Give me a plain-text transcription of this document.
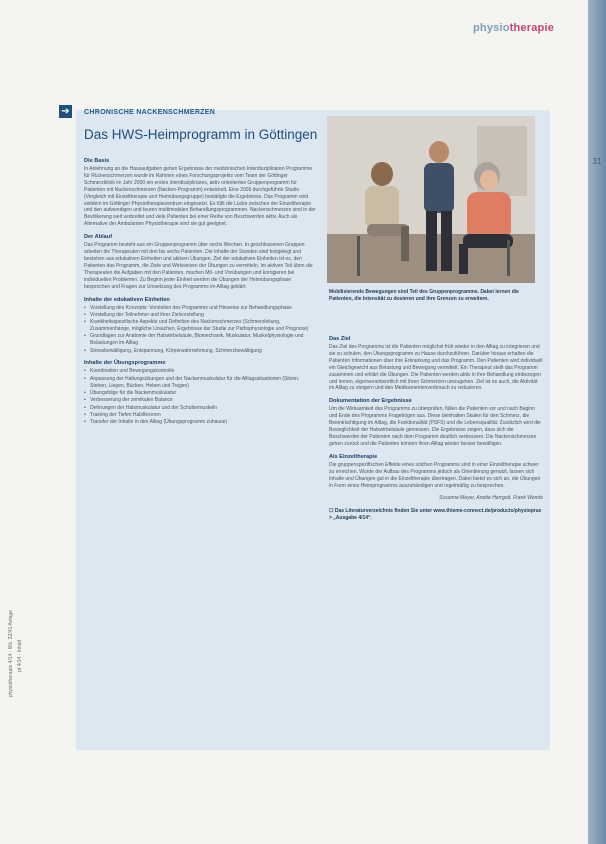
physiotherapie
31
physiotherapie 4/14 · Wk. 32/41 Anlage pt 4/14 · Inhalt
➔	CHRONISCHE NACKENSCHMERZEN
Das HWS-Heimprogramm in Göttingen
Die Basis

In Anlehnung an die Hausaufgaben geben Ergebnisse der medizinischen Interdisziplinären Programme für Rückenschmerzen wurde im Rahmen eines Forschungsprojekts vom Team der Göttinger Schmerzklinik im Jahr 2000 ein erstes interdisziplinäres, aktiv orientiertes Gruppenprogramm für Patienten mit Nackenschmerzen (Nacken-Programm) entwickelt. Eine 2003 durchgeführte Studie (Vergleich mit Einzeltherapie und Heimübungsgruppe) bestätigte die Ergebnisse. Das Programm wird seitdem im Göttinger Physiotherapiezentrum eingesetzt. Es füllt die Lücke zwischen der Einzeltherapie und den aufwendigen und teuren multimodalen Behandlungsprogrammen. Nackenschmerzen sind in der Bevölkerung weit verbreitet und viele Patienten bei einer Reihe von Beschwerden aktiv. Auch als Alternative der Ambulanten Physiotherapie sind sie gut geeignet.

Der Ablauf

Das Programm besteht aus ein Gruppenprogramm über sechs Wochen. In geschlossenen Gruppen arbeiten die Therapeuten mit drei bis sechs Patienten. Die Inhalte der Stunden sind festgelegt und bestehen aus edukativen Einheiten und aktiven Übungen. Ziel der edukativen Einheiten ist es, den Patienten das Programm, die Ziele und Wirkweisen der Übungen zu vermitteln. Im aktiven Teil üben die Therapeuten die Aufgaben mit den Patienten, machen Mit- und Vorübungen und korrigieren bei individuellen Problemen. Zu Beginn jeder Einheit werden die Übungen der Heimübungsphase besprochen und Fragen zur Umsetzung des Programms im Alltag geklärt.

Inhalte der edukativen Einheiten
• Vorstellung des Konzepts: Vorstellen des Programms und Hinweise zur Behandlungsphase
• Vorstellung der Teilnehmer und ihrer Zielvorstellung
• Krankheitsspezifische Aspekte und Definition des Nackenschmerzes (Schmerzleitung, Zusammenhänge, mögliche Ursachen, Ergebnisse der Studie zur Pathophysiologie und Prognose)
• Grundlagen zur Anatomie der Halswirbelsäule, Biomechanik, Muskulatur, Muskelphysiologie und Belastungen im Alltag
• Stressbewältigung, Entspannung, Körperwahrnehmung, Schmerzbewältigung
Inhalte der Übungsprogramme
• Koordination und Bewegungskontrolle
• Anpassung der Haltungsübungen und der Nackenmuskulatur für die Alltagssituationen (Sitzen, Stehen, Liegen, Bücken, Heben und Tragen)
• Übungsfolge für die Nackenmuskulatur
• Verbesserung der zervikalen Balance
• Dehnungen der Halsmuskulatur und der Schultermuskeln
• Training der Tiefen Halsflexoren
• Transfer der Inhalte in den Alltag (Übungsprogramm zuhause)
Mobilisierende Bewegungen sind Teil des Gruppenprogramms. Dabei lernen die Patienten, die Intensität zu dosieren und ihre Grenzen zu erweitern.
Das Ziel

Das Ziel des Programms ist die Patienten möglichst früh wieder in den Alltag zu integrieren und sie zu schulen, den Übungsprogramm zu Hause durchzuführen. Darüber hinaus erhalten die Patienten Informationen über ihre Erkrankung und das Programm. Den Patienten wird individuell ein Gleichgewicht aus Belastung und Bewegung vermittelt. Ein Therapeut stellt das Programm zusammen und erklärt die Übungen. Die Patienten werden aktiv in ihre Behandlung einbezogen und lernen, eigenverantwortlich mit ihren Schmerzen umzugehen. Ziel ist es auch, die Aktivität im Alltag zu steigern und den Medikamentenverbrauch zu reduzieren.

Dokumentation der Ergebnisse

Um die Wirksamkeit des Programms zu überprüfen, füllen die Patienten vor und nach Beginn und Ende des Programms Fragebögen aus. Diese beinhalten Skalen für den Schmerz, die Beeinträchtigung im Alltag, die Funktionalität (PSFS) und die Lebensqualität. Zusätzlich wird die Beweglichkeit der Halswirbelsäule gemessen. Die Ergebnisse zeigen, dass sich die Beschwerden der Patienten nach dem Programm deutlich verbessern. Die Nackenschmerzen gehen zurück und die Patienten können ihren Alltag wieder besser bewältigen.

Als Einzeltherapie

Die gruppenspezifischen Effekte eines solchen Programms sind in einer Einzeltherapie schwer zu erreichen. Wurde der Aufbau des Programms jedoch als Orientierung genutzt, lassen sich Inhalte und Übungen gut in die Einzeltherapie übertragen. Dabei bietet es sich an, die Übungen in Form eines Heimprogramms auszuhändigen und regelmäßig zu besprechen.

Susanne Meyer, Anette Herrgott, Frank Wende

☐ Das Literaturverzeichnis finden Sie unter www.thieme-connect.de/products/physioprax > „Ausgabe 4/14“.
